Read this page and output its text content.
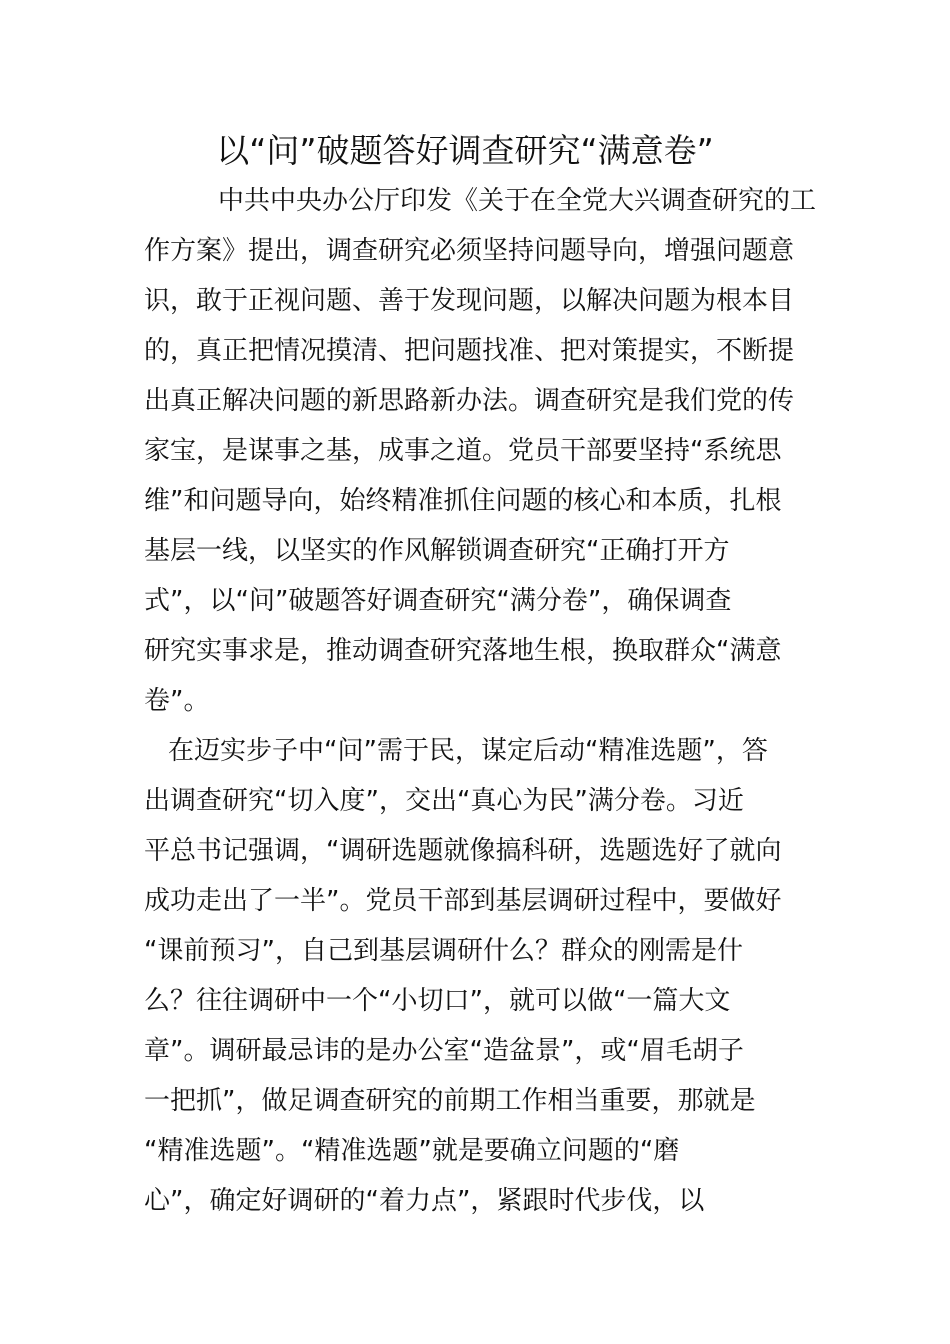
以“问”破题答好调查研究“满意卷”
中共中央办公厅印发《关于在全党大兴调查研究的工
作方案》提出，调查研究必须坚持问题导向，增强问题意
识，敢于正视问题、善于发现问题，以解决问题为根本目
的，真正把情况摸清、把问题找准、把对策提实，不断提
出真正解决问题的新思路新办法。调查研究是我们党的传
家宝，是谋事之基，成事之道。党员干部要坚持“系统思
维”和问题导向，始终精准抓住问题的核心和本质，扎根
基层一线，以坚实的作风解锁调查研究“正确打开方
式”，以“问”破题答好调查研究“满分卷”，确保调查
研究实事求是，推动调查研究落地生根，换取群众“满意
卷”。
在迈实步子中“问”需于民，谋定后动“精准选题”，答
出调查研究“切入度”，交出“真心为民”满分卷。习近
平总书记强调，“调研选题就像搞科研，选题选好了就向
成功走出了一半”。党员干部到基层调研过程中，要做好
“课前预习”，自己到基层调研什么？群众的刚需是什
么？往往调研中一个“小切口”，就可以做“一篇大文
章”。调研最忌讳的是办公室“造盆景”，或“眉毛胡子
一把抓”，做足调查研究的前期工作相当重要，那就是
“精准选题”。“精准选题”就是要确立问题的“磨
心”，确定好调研的“着力点”，紧跟时代步伐，以
